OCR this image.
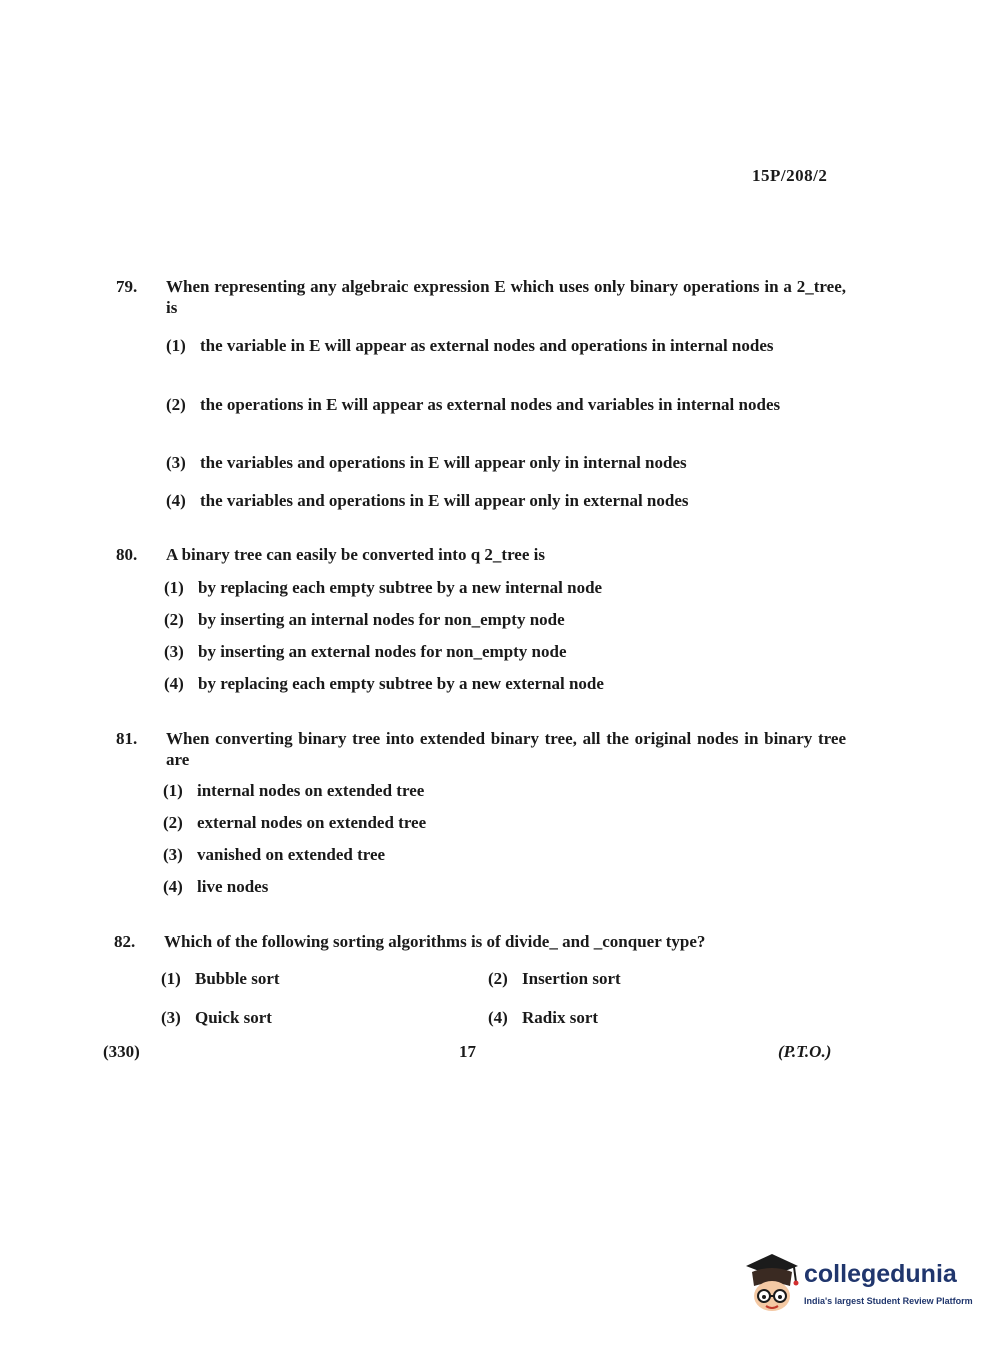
15P/208/2
79.	When representing any algebraic expression E which uses only binary operations in a 2_tree, is
(1) the variable in E will appear as external nodes and operations in internal nodes
(2) the operations in E will appear as external nodes and variables in internal nodes
(3) the variables and operations in E will appear only in internal nodes
(4) the variables and operations in E will appear only in external nodes
80.	A binary tree can easily be converted into q 2_tree is
(1) by replacing each empty subtree by a new internal node
(2) by inserting an internal nodes for non_empty node
(3) by inserting an external nodes for non_empty node
(4) by replacing each empty subtree by a new external node
81.	When converting binary tree into extended binary tree, all the original nodes in binary tree are
(1) internal nodes on extended tree
(2) external nodes on extended tree
(3) vanished on extended tree
(4) live nodes
82.	Which of the following sorting algorithms is of divide_ and _conquer type?
(1) Bubble sort	(2) Insertion sort
(3) Quick sort	(4) Radix sort
(330)	17	(P.T.O.)
collegedunia
India's largest Student Review Platform
